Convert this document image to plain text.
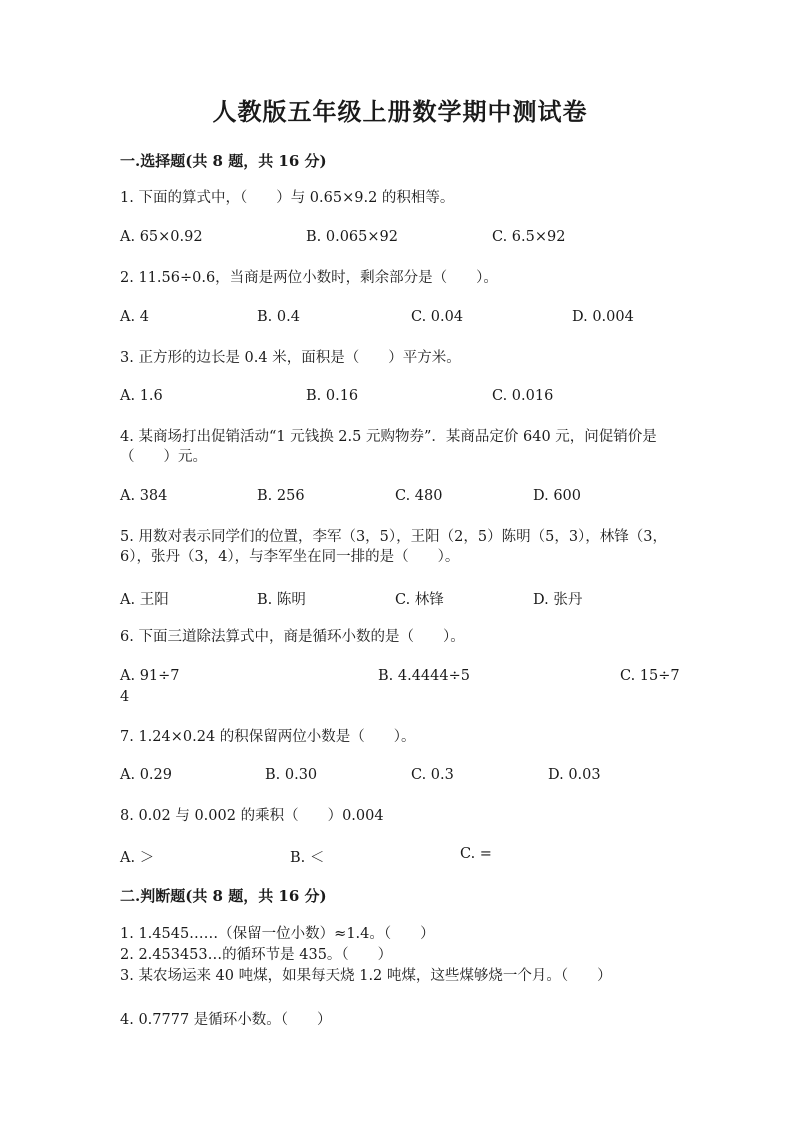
人教版五年级上册数学期中测试卷
一.选择题(共 8 题，共 16 分)
1. 下面的算式中，（　　）与 0.65×9.2 的积相等。
A. 65×0.92	B. 0.065×92	C. 6.5×92
2. 11.56÷0.6，当商是两位小数时，剩余部分是（　　）。
A. 4	B. 0.4	C. 0.04	D. 0.004
3. 正方形的边长是 0.4 米，面积是（　　）平方米。
A. 1.6	B. 0.16	C. 0.016
4. 某商场打出促销活动“1 元钱换 2.5 元购物券”．某商品定价 640 元，问促销价是（　　）元。
A. 384	B. 256	C. 480	D. 600
5. 用数对表示同学们的位置，李军（3，5），王阳（2，5）陈明（5，3），林锋（3，6），张丹（3，4），与李军坐在同一排的是（　　）。
A. 王阳	B. 陈明	C. 林锋	D. 张丹
6. 下面三道除法算式中，商是循环小数的是（　　）。
A. 91÷7	B. 4.4444÷5	C. 15÷7
4
7. 1.24×0.24 的积保留两位小数是（　　）。
A. 0.29	B. 0.30	C. 0.3	D. 0.03
8. 0.02 与 0.002 的乘积（　　）0.004
A. ＞	B. ＜	C. =
二.判断题(共 8 题，共 16 分)
1. 1.4545……（保留一位小数）≈1.4。（　　）
2. 2.453453…的循环节是 435。（　　）
3. 某农场运来 40 吨煤，如果每天烧 1.2 吨煤，这些煤够烧一个月。（　　）
4. 0.7777 是循环小数。（　　）
